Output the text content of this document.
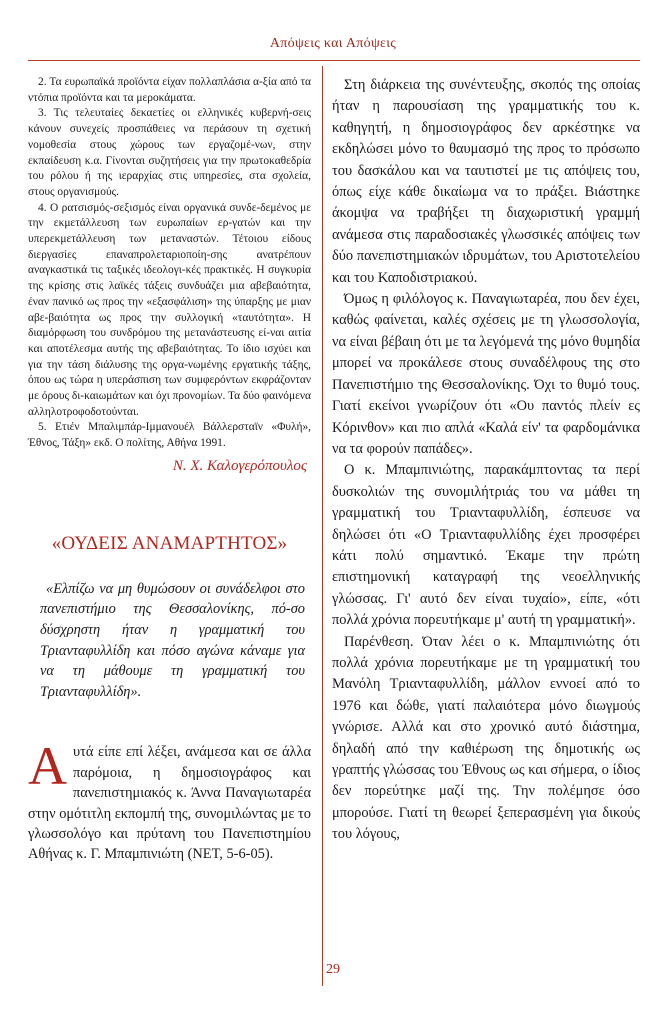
Απόψεις και Απόψεις

2. Τα ευρωπαϊκά προϊόντα είχαν πολλαπλάσια α-ξία από τα ντόπια προϊόντα και τα μεροκάματα.

3. Τις τελευταίες δεκαετίες οι ελληνικές κυβερνή-σεις κάνουν συνεχείς προσπάθειες να περάσουν τη σχετική νομοθεσία στους χώρους των εργαζομέ-νων, στην εκπαίδευση κ.α. Γίνονται συζητήσεις για την πρωτοκαθεδρία του ρόλου ή της ιεραρχίας στις υπηρεσίες, στα σχολεία, στους οργανισμούς.

4. Ο ρατσισμός-σεξισμός είναι οργανικά συνδε-δεμένος με την εκμετάλλευση των ευρωπαίων ερ-γατών και την υπερεκμετάλλευση των μεταναστών. Τέτοιου είδους διεργασίες επαναπρολεταριοποίη-σης ανατρέπουν αναγκαστικά τις ταξικές ιδεολογι-κές πρακτικές. Η συγκυρία της κρίσης στις λαϊκές τάξεις συνδυάζει μια αβεβαιότητα, έναν πανικό ως προς την «εξασφάλιση» της ύπαρξης με μιαν αβε-βαιότητα ως προς την συλλογική «ταυτότητα». Η διαμόρφωση του συνδρόμου της μετανάστευσης εί-ναι αιτία και αποτέλεσμα αυτής της αβεβαιότητας. Το ίδιο ισχύει και για την τάση διάλυσης της οργα-νωμένης εργατικής τάξης, όπου ως τώρα η υπεράσπιση των συμφερόντων εκφράζονταν με όρους δι-καιωμάτων και όχι προνομίων. Τα δύο φαινόμενα αλληλοτροφοδοτούνται.

5. Ετιέν Μπαλιμπάρ-Ιμμανουέλ Βάλλερσταϊν «Φυλή», Έθνος, Τάξη» εκδ. Ο πολίτης, Αθήνα 1991.

Ν. Χ. Καλογερόπουλος
«ΟΥΔΕΙΣ ΑΝΑΜΑΡΤΗΤΟΣ»

«Ελπίζω να μη θυμώσουν οι συνάδελφοι στο πανεπιστήμιο της Θεσσαλονίκης, πό-σο δύσχρηστη ήταν η γραμματική του Τριανταφυλλίδη και πόσο αγώνα κάναμε για να τη μάθουμε τη γραμματική του Τριανταφυλλίδη».

Αυτά είπε επί λέξει, ανάμεσα και σε άλλα παρόμοια, η δημοσιογράφος και πανεπιστημιακός κ. Άννα Παναγιωταρέα στην ομότιτλη εκπομπή της, συνομιλώντας με το γλωσσολόγο και πρύτανη του Πανεπιστημίου Αθήνας κ. Γ. Μπαμπινιώτη (ΝΕΤ, 5-6-05).

Στη διάρκεια της συνέντευξης, σκοπός της οποίας ήταν η παρουσίαση της γραμματικής του κ. καθηγητή, η δημοσιογράφος δεν αρκέστηκε να εκδηλώσει μόνο το θαυμασμό της προς το πρόσωπο του δασκάλου και να ταυτιστεί με τις απόψεις του, όπως είχε κάθε δικαίωμα να το πράξει. Βιάστηκε άκομψα να τραβήξει τη διαχωριστική γραμμή ανάμεσα στις παραδοσιακές γλωσσικές απόψεις των δύο πανεπιστημιακών ιδρυμάτων, του Αριστοτελείου και του Καποδιστριακού.

Όμως η φιλόλογος κ. Παναγιωταρέα, που δεν έχει, καθώς φαίνεται, καλές σχέσεις με τη γλωσσολογία, να είναι βέβαιη ότι με τα λεγόμενά της μόνο θυμηδία μπορεί να προκάλεσε στους συναδέλφους της στο Πανεπιστήμιο της Θεσσαλονίκης. Όχι το θυμό τους. Γιατί εκείνοι γνωρίζουν ότι «Ου παντός πλείν ες Κόρινθον» και πιο απλά «Καλά είν' τα φαρδομάνικα να τα φορούν παπάδες».

Ο κ. Μπαμπινιώτης, παρακάμπτοντας τα περί δυσκολιών της συνομιλήτριάς του να μάθει τη γραμματική του Τριανταφυλλίδη, έσπευσε να δηλώσει ότι «Ο Τριανταφυλλίδης έχει προσφέρει κάτι πολύ σημαντικό. Έκαμε την πρώτη επιστημονική καταγραφή της νεοελληνικής γλώσσας. Γι' αυτό δεν είναι τυχαίο», είπε, «ότι πολλά χρόνια πορευτήκαμε μ' αυτή τη γραμματική».

Παρένθεση. Όταν λέει ο κ. Μπαμπινιώτης ότι πολλά χρόνια πορευτήκαμε με τη γραμματική του Μανόλη Τριανταφυλλίδη, μάλλον εννοεί από το 1976 και δώθε, γιατί παλαιότερα μόνο διωγμούς γνώρισε. Αλλά και στο χρονικό αυτό διάστημα, δηλαδή από την καθιέρωση της δημοτικής ως γραπτής γλώσσας του Έθνους ως και σήμερα, ο ίδιος δεν πορεύτηκε μαζί της. Την πολέμησε όσο μπορούσε. Γιατί τη θεωρεί ξεπερασμένη για δικούς του λόγους,

29
